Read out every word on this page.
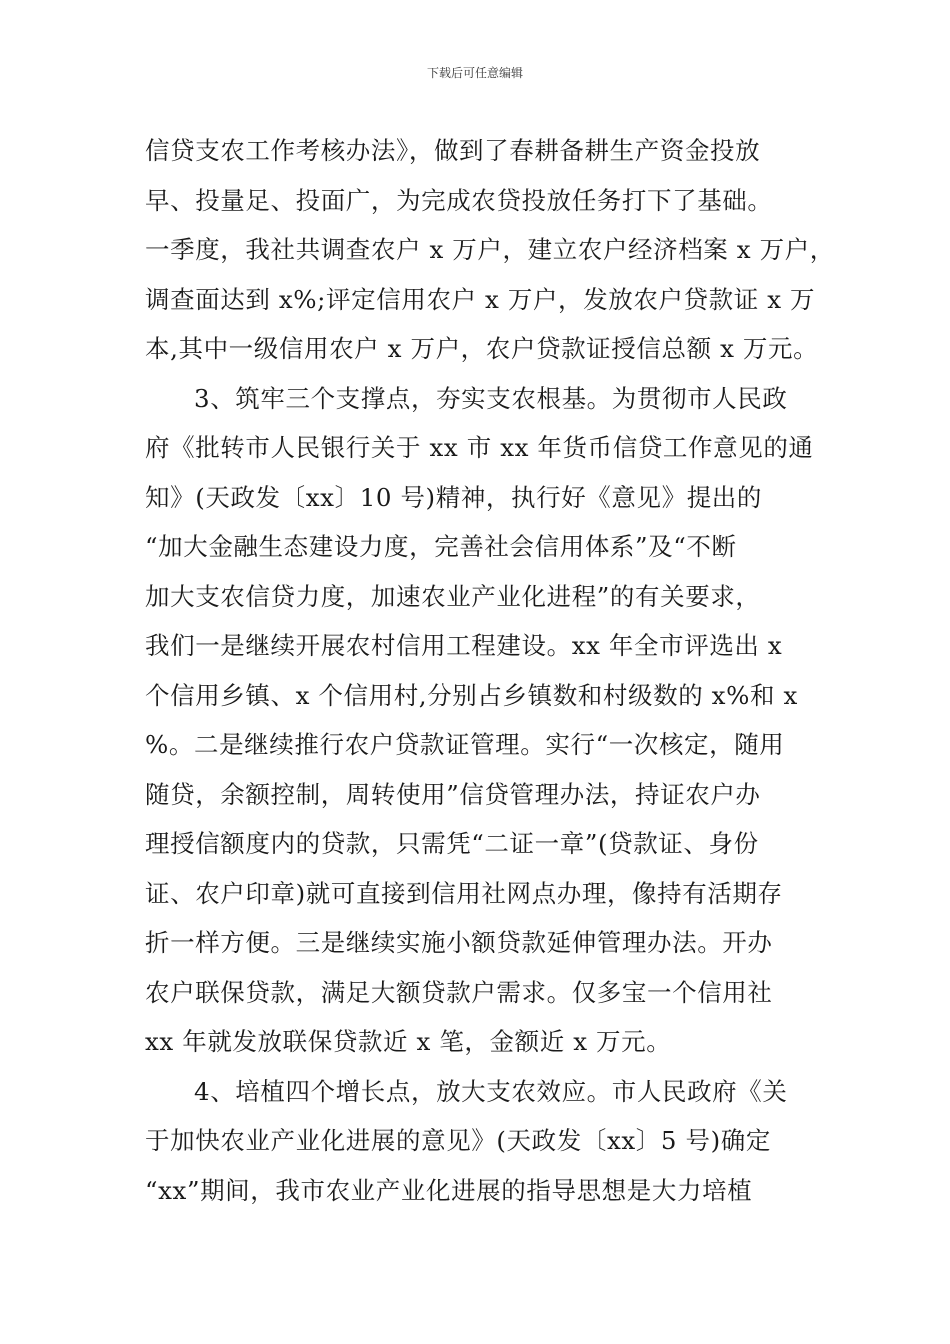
下载后可任意编辑
信贷支农工作考核办法》，做到了春耕备耕生产资金投放
早、投量足、投面广，为完成农贷投放任务打下了基础。
一季度，我社共调查农户 x 万户，建立农户经济档案 x 万户，
调查面达到 x%;评定信用农户 x 万户，发放农户贷款证 x 万
本,其中一级信用农户 x 万户，农户贷款证授信总额 x 万元。
3、筑牢三个支撑点，夯实支农根基。为贯彻市人民政
府《批转市人民银行关于 xx 市 xx 年货币信贷工作意见的通
知》(天政发〔xx〕10 号)精神，执行好《意见》提出的
“加大金融生态建设力度，完善社会信用体系”及“不断
加大支农信贷力度，加速农业产业化进程”的有关要求，
我们一是继续开展农村信用工程建设。xx 年全市评选出 x
个信用乡镇、x 个信用村,分别占乡镇数和村级数的 x%和 x
%。二是继续推行农户贷款证管理。实行“一次核定，随用
随贷，余额控制，周转使用”信贷管理办法，持证农户办
理授信额度内的贷款，只需凭“二证一章”(贷款证、身份
证、农户印章)就可直接到信用社网点办理，像持有活期存
折一样方便。三是继续实施小额贷款延伸管理办法。开办
农户联保贷款，满足大额贷款户需求。仅多宝一个信用社
xx 年就发放联保贷款近 x 笔，金额近 x 万元。
4、培植四个增长点，放大支农效应。市人民政府《关
于加快农业产业化进展的意见》(天政发〔xx〕5 号)确定
“xx”期间，我市农业产业化进展的指导思想是大力培植
